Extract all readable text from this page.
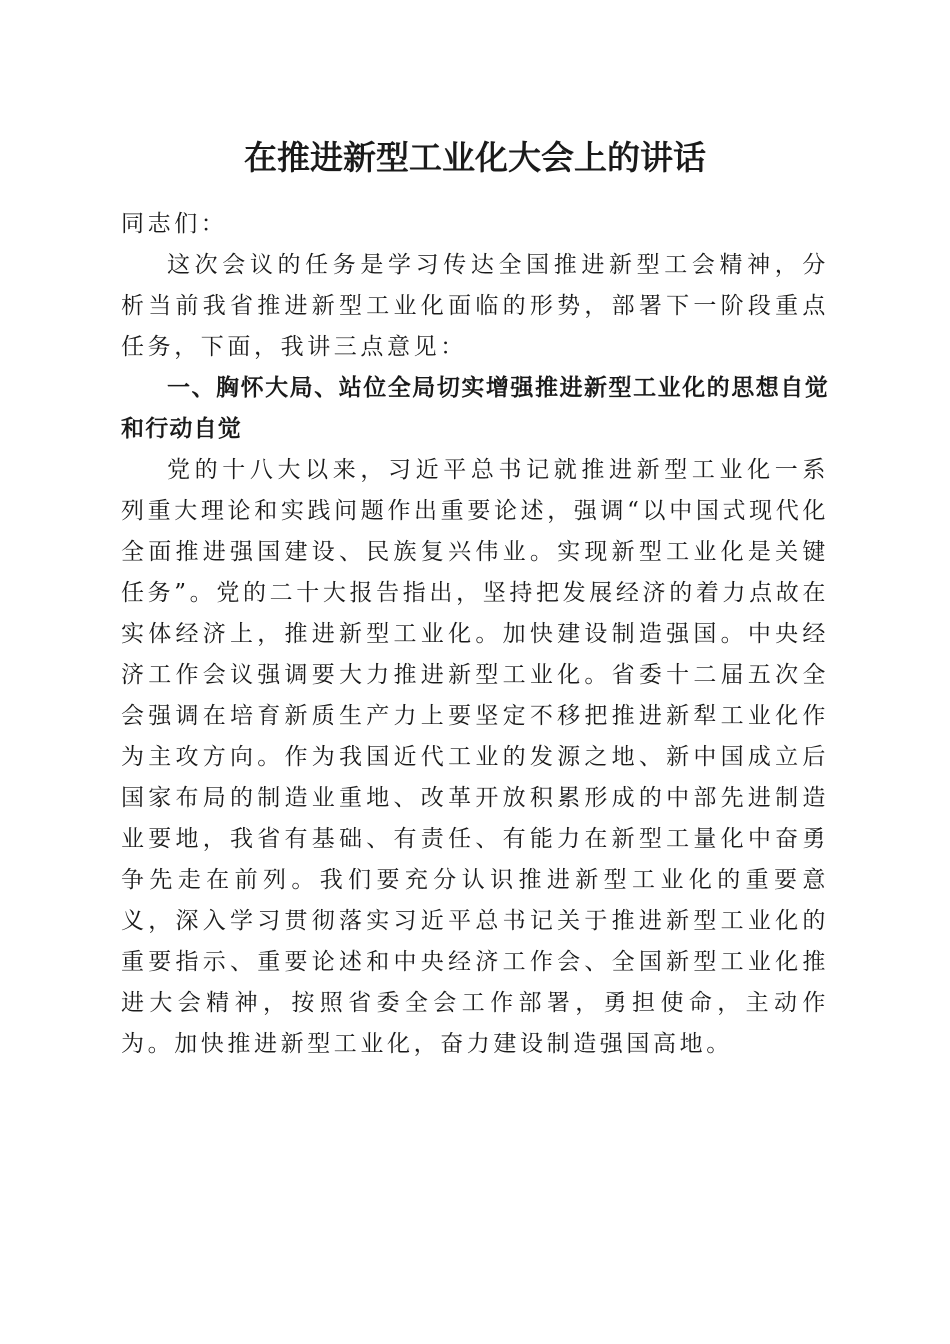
在推进新型工业化大会上的讲话

同志们：

这次会议的任务是学习传达全国推进新型工会精神，分析当前我省推进新型工业化面临的形势，部署下一阶段重点任务，下面，我讲三点意见：

一、胸怀大局、站位全局切实增强推进新型工业化的思想自觉和行动自觉

党的十八大以来，习近平总书记就推进新型工业化一系列重大理论和实践问题作出重要论述，强调“以中国式现代化全面推进强国建设、民族复兴伟业。实现新型工业化是关键任务”。党的二十大报告指出，坚持把发展经济的着力点故在实体经济上，推进新型工业化。加快建设制造强国。中央经济工作会议强调要大力推进新型工业化。省委十二届五次全会强调在培育新质生产力上要坚定不移把推进新犁工业化作为主攻方向。作为我国近代工业的发源之地、新中国成立后国家布局的制造业重地、改革开放积累形成的中部先进制造业要地，我省有基础、有责任、有能力在新型工量化中奋勇争先走在前列。我们要充分认识推进新型工业化的重要意义，深入学习贯彻落实习近平总书记关于推进新型工业化的重要指示、重要论述和中央经济工作会、全国新型工业化推进大会精神，按照省委全会工作部署，勇担使命，主动作为。加快推进新型工业化，奋力建设制造强国高地。
